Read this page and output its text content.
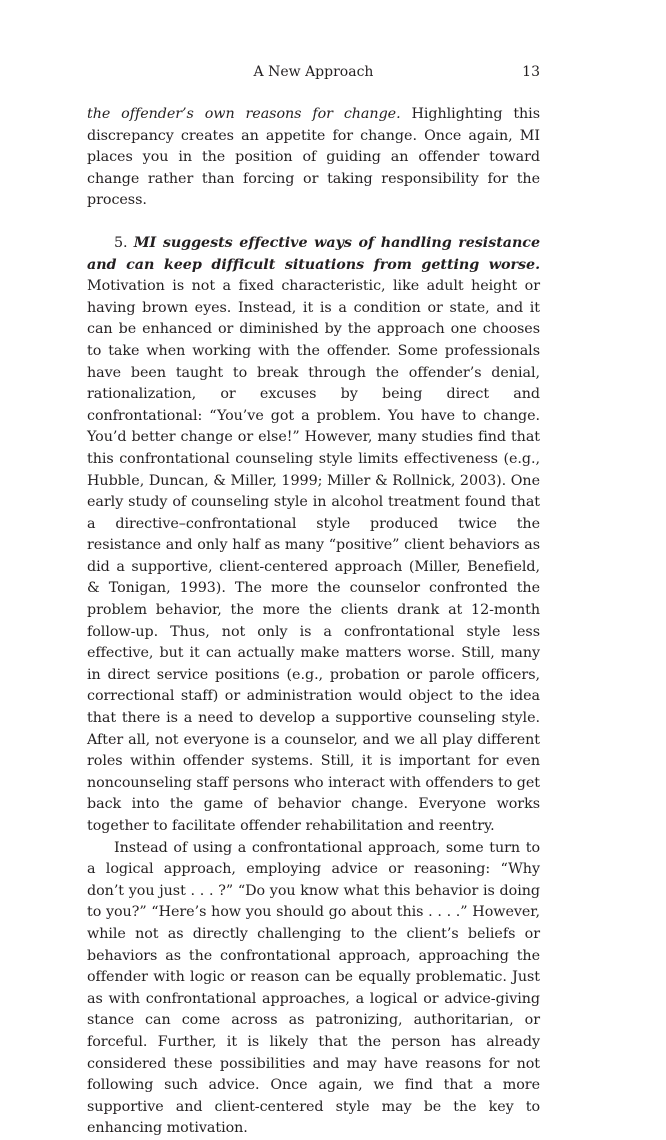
A New Approach	13

the offender’s own reasons for change. Highlighting this discrepancy creates an appetite for change. Once again, MI places you in the position of guiding an offender toward change rather than forcing or taking responsibility for the process.

5. MI suggests effective ways of handling resistance and can keep difficult situations from getting worse. Motivation is not a fixed characteristic, like adult height or having brown eyes. Instead, it is a condition or state, and it can be enhanced or diminished by the approach one chooses to take when working with the offender. Some professionals have been taught to break through the offender’s denial, rationalization, or excuses by being direct and confrontational: “You’ve got a problem. You have to change. You’d better change or else!” However, many studies find that this confrontational counseling style limits effectiveness (e.g., Hubble, Duncan, & Miller, 1999; Miller & Rollnick, 2003). One early study of counseling style in alcohol treatment found that a directive–confrontational style produced twice the resistance and only half as many “positive” client behaviors as did a supportive, client-centered approach (Miller, Benefield, & Tonigan, 1993). The more the counselor confronted the problem behavior, the more the clients drank at 12-month follow-up. Thus, not only is a confrontational style less effective, but it can actually make matters worse. Still, many in direct service positions (e.g., probation or parole officers, correctional staff) or administration would object to the idea that there is a need to develop a supportive counseling style. After all, not everyone is a counselor, and we all play different roles within offender systems. Still, it is important for even noncounseling staff persons who interact with offenders to get back into the game of behavior change. Everyone works together to facilitate offender rehabilitation and reentry.

Instead of using a confrontational approach, some turn to a logical approach, employing advice or reasoning: “Why don’t you just . . . ?” “Do you know what this behavior is doing to you?” “Here’s how you should go about this . . . .” However, while not as directly challenging to the client’s beliefs or behaviors as the confrontational approach, approaching the offender with logic or reason can be equally problematic. Just as with confrontational approaches, a logical or advice-giving stance can come across as patronizing, authoritarian, or forceful. Further, it is likely that the person has already considered these possibilities and may have reasons for not following such advice. Once again, we find that a more supportive and client-centered style may be the key to enhancing motivation.
